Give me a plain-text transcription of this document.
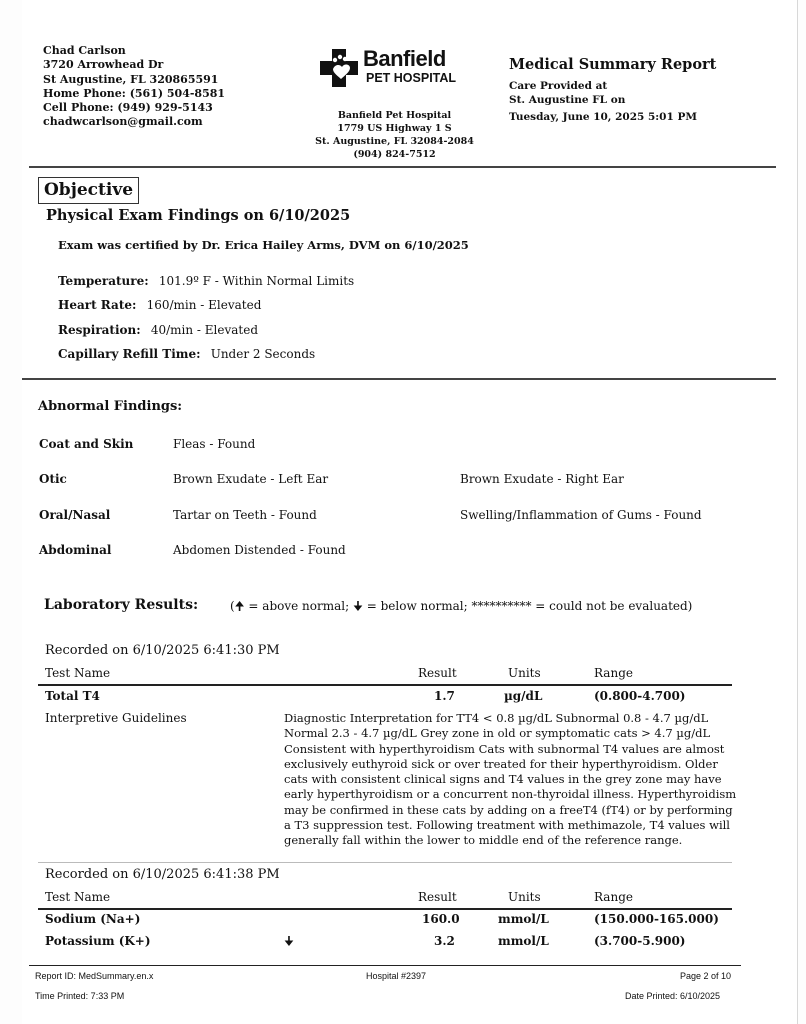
Chad Carlson
3720 Arrowhead Dr
St Augustine, FL 320865591
Home Phone: (561) 504-8581
Cell Phone: (949) 929-5143
chadwcarlson@gmail.com
Banfield
PET HOSPITAL
Banfield Pet Hospital
1779 US Highway 1 S
St. Augustine, FL 32084-2084
(904) 824-7512
Medical Summary Report
Care Provided at
St. Augustine FL on
Tuesday, June 10, 2025 5:01 PM
Objective
Physical Exam Findings on 6/10/2025
Exam was certified by Dr. Erica Hailey Arms, DVM on 6/10/2025
Temperature: 101.9º F - Within Normal Limits
Heart Rate: 160/min - Elevated
Respiration: 40/min - Elevated
Capillary Refill Time: Under 2 Seconds
Abnormal Findings:
Coat and Skin	Fleas - Found
Otic	Brown Exudate - Left Ear	Brown Exudate - Right Ear
Oral/Nasal	Tartar on Teeth - Found	Swelling/Inflammation of Gums - Found
Abdominal	Abdomen Distended - Found
Laboratory Results:	(🠉 = above normal; 🠋 = below normal; ********** = could not be evaluated)
Recorded on 6/10/2025 6:41:30 PM
Test Name	Result	Units	Range
Total T4	1.7	µg/dL	(0.800-4.700)
Interpretive Guidelines	Diagnostic Interpretation for TT4 < 0.8 µg/dL Subnormal 0.8 - 4.7 µg/dL Normal 2.3 - 4.7 µg/dL Grey zone in old or symptomatic cats > 4.7 µg/dL Consistent with hyperthyroidism Cats with subnormal T4 values are almost exclusively euthyroid sick or over treated for their hyperthyroidism. Older cats with consistent clinical signs and T4 values in the grey zone may have early hyperthyroidism or a concurrent non-thyroidal illness. Hyperthyroidism may be confirmed in these cats by adding on a freeT4 (fT4) or by performing a T3 suppression test. Following treatment with methimazole, T4 values will generally fall within the lower to middle end of the reference range.
Recorded on 6/10/2025 6:41:38 PM
Test Name	Result	Units	Range
Sodium (Na+)	160.0	mmol/L	(150.000-165.000)
Potassium (K+)	🠋	3.2	mmol/L	(3.700-5.900)
Report ID: MedSummary.en.x
Time Printed: 7:33 PM
Hospital #2397	Page 2 of 10
Date Printed: 6/10/2025
